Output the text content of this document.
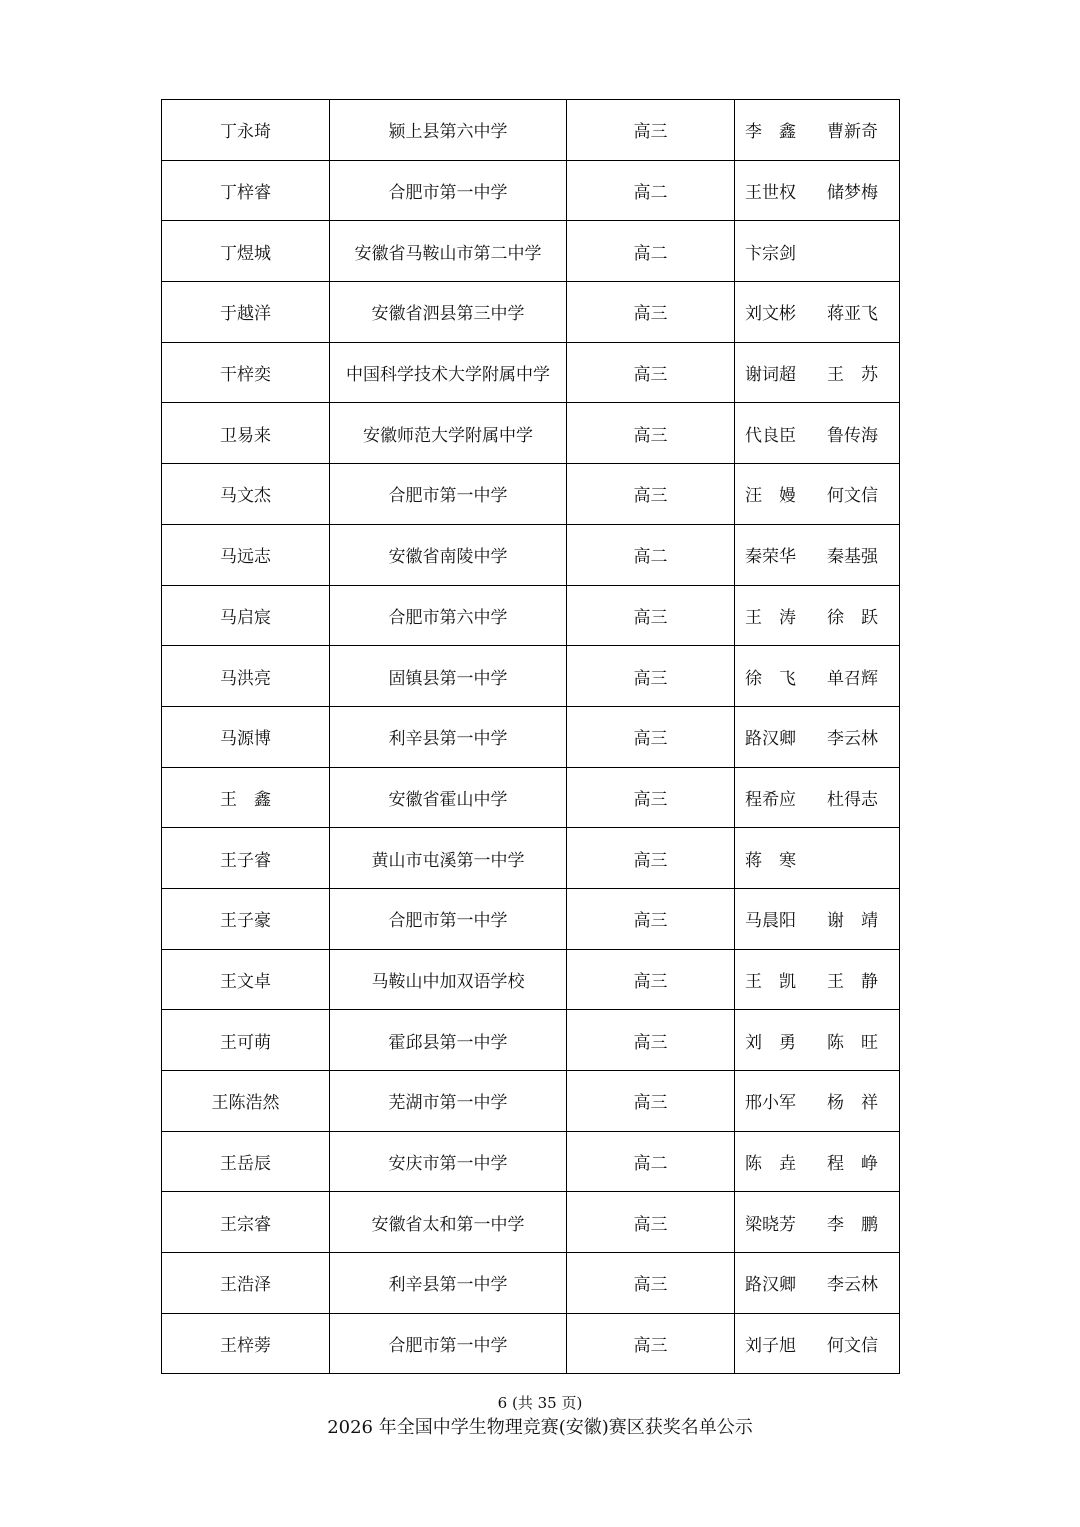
丁永琦	颍上县第六中学	高三	李　鑫 曹新奇
丁梓睿	合肥市第一中学	高二	王世权 储梦梅
丁煜城	安徽省马鞍山市第二中学	高二	卞宗剑
于越洋	安徽省泗县第三中学	高三	刘文彬 蒋亚飞
干梓奕	中国科学技术大学附属中学	高三	谢词超 王　苏
卫易来	安徽师范大学附属中学	高三	代良臣 鲁传海
马文杰	合肥市第一中学	高三	汪　嫚 何文信
马远志	安徽省南陵中学	高二	秦荣华 秦基强
马启宸	合肥市第六中学	高三	王　涛 徐　跃
马洪亮	固镇县第一中学	高三	徐　飞 单召辉
马源博	利辛县第一中学	高三	路汉卿 李云林
王　鑫	安徽省霍山中学	高三	程希应 杜得志
王子睿	黄山市屯溪第一中学	高三	蒋　寒
王子豪	合肥市第一中学	高三	马晨阳 谢　靖
王文卓	马鞍山中加双语学校	高三	王　凯 王　静
王可萌	霍邱县第一中学	高三	刘　勇 陈　旺
王陈浩然	芜湖市第一中学	高三	邢小军 杨　祥
王岳辰	安庆市第一中学	高二	陈　垚 程　峥
王宗睿	安徽省太和第一中学	高三	梁晓芳 李　鹏
王浩泽	利辛县第一中学	高三	路汉卿 李云林
王梓蒡	合肥市第一中学	高三	刘子旭 何文信
6 (共 35 页)
2026 年全国中学生物理竞赛(安徽)赛区获奖名单公示
